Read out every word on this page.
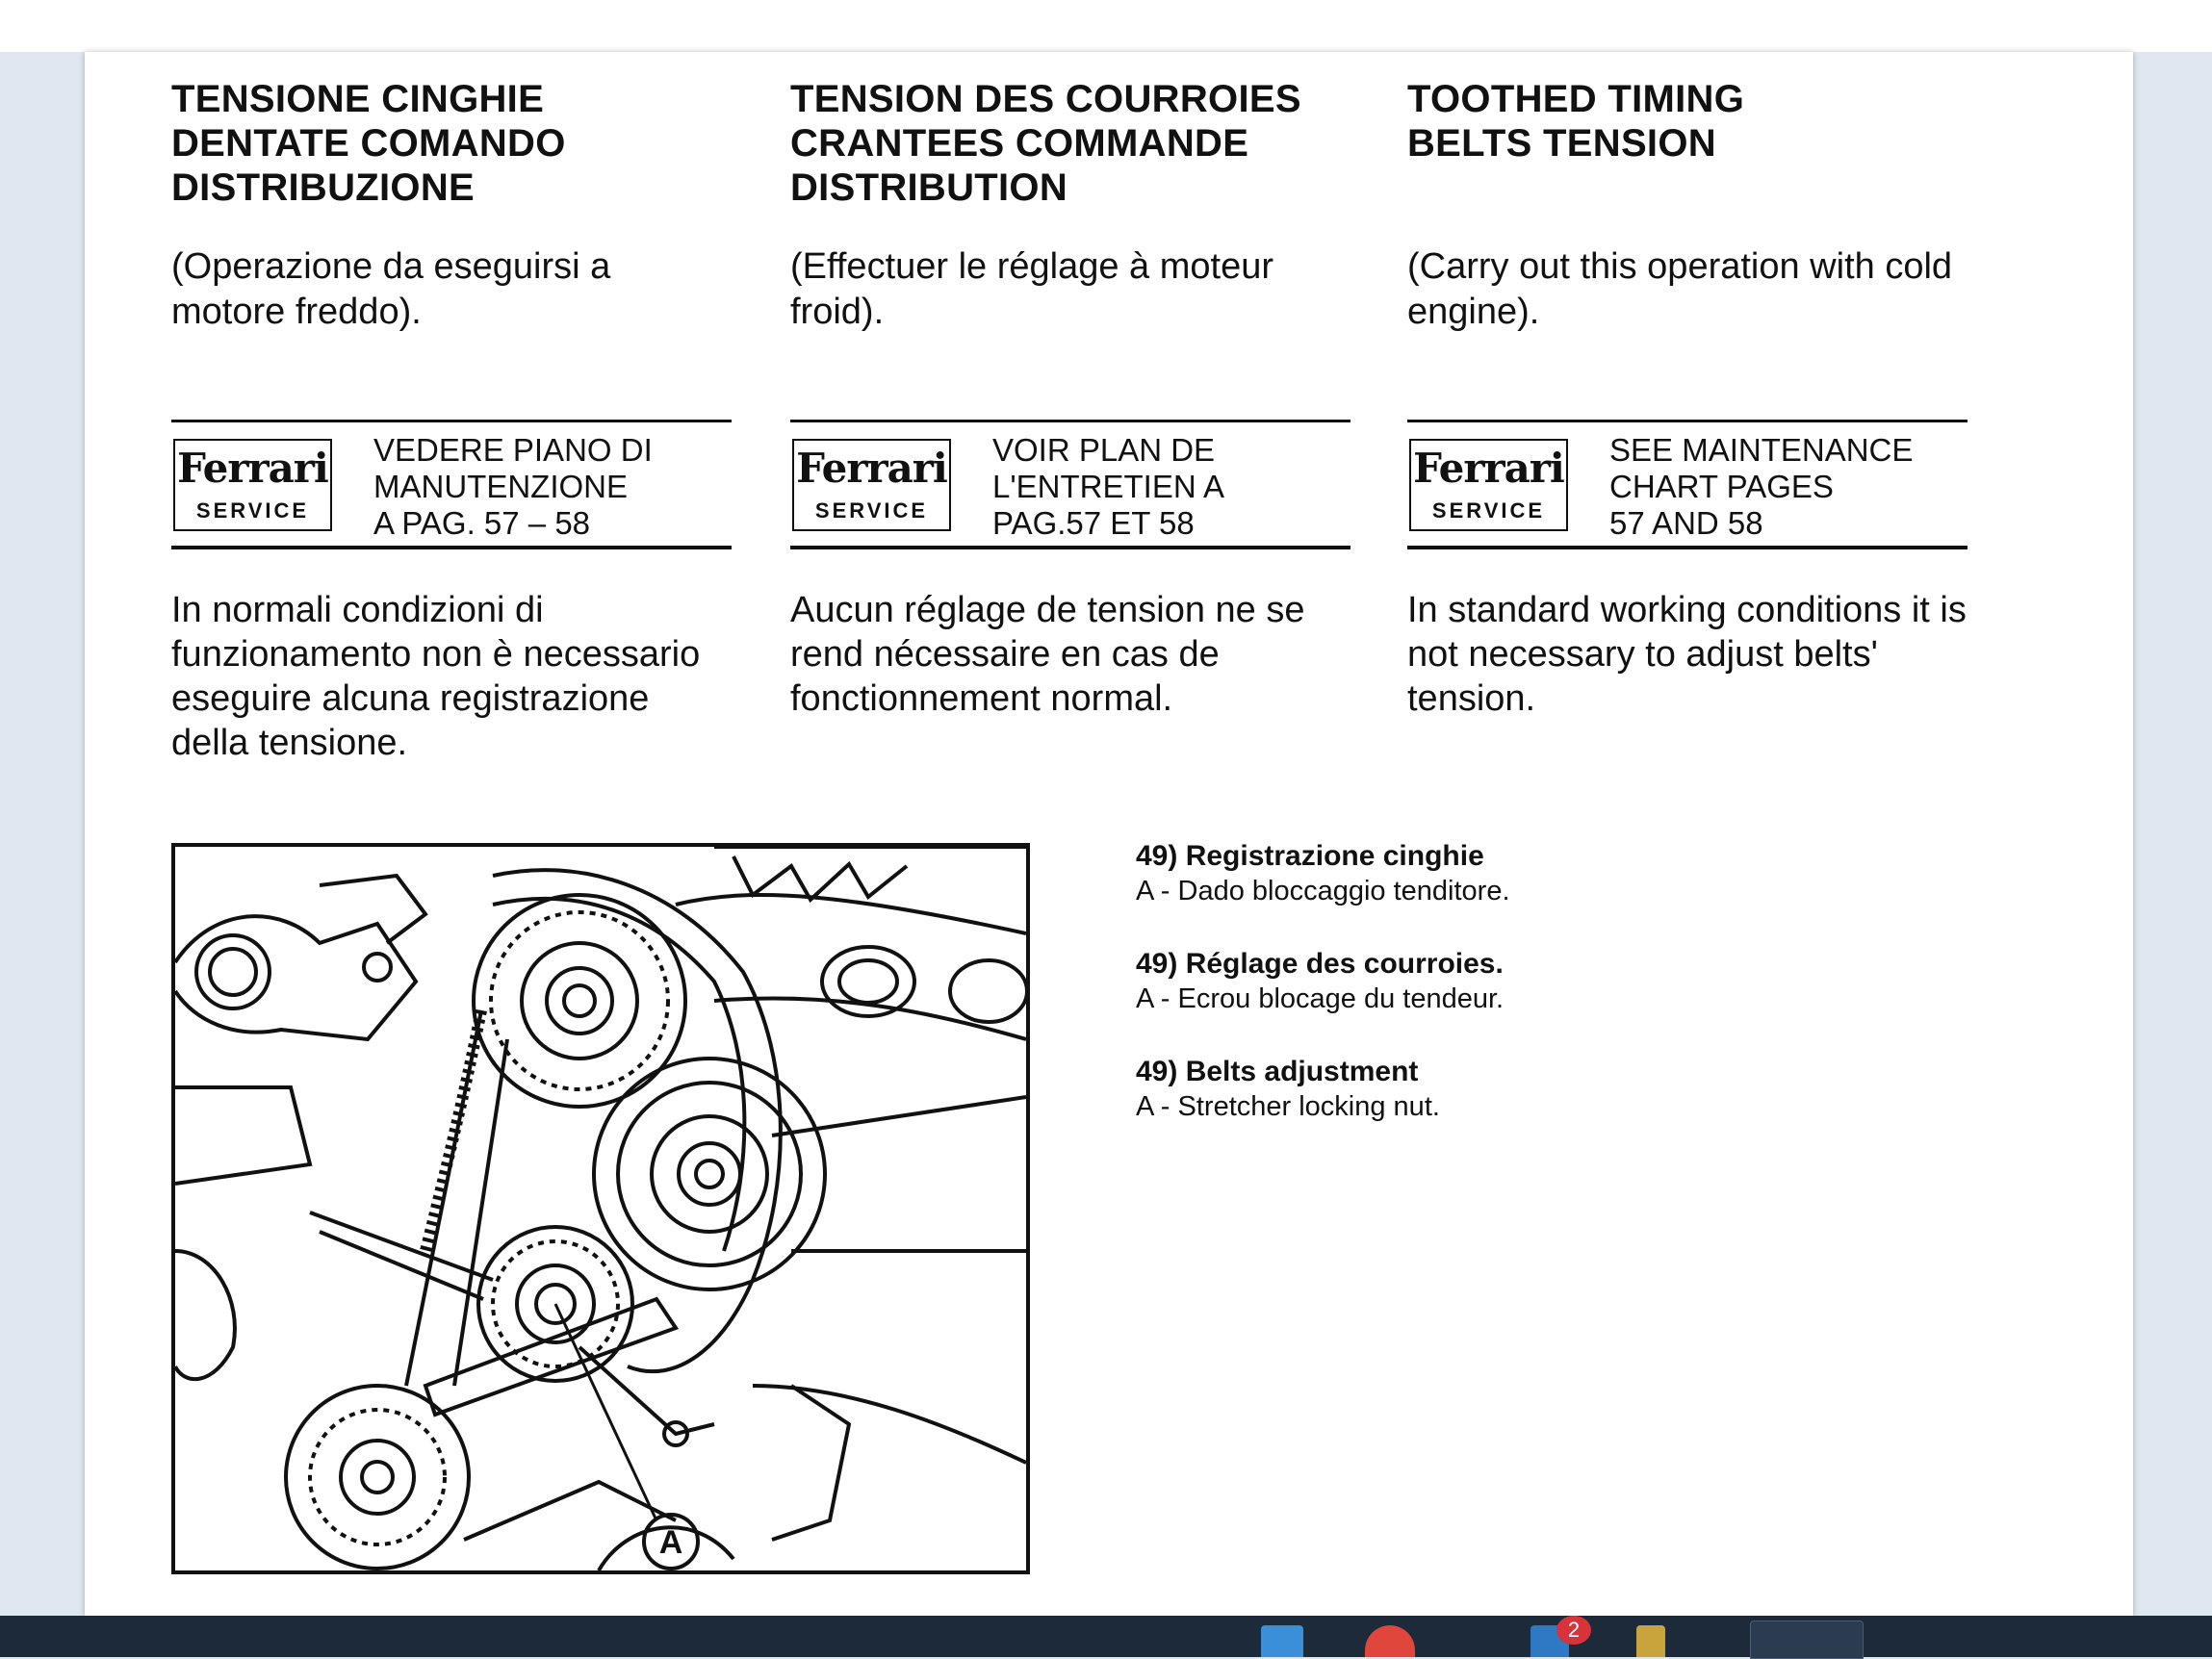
TENSIONE CINGHIE
DENTATE COMANDO
DISTRIBUZIONE

(Operazione da eseguirsi a motore freddo).

Ferrari
SERVICE
VEDERE PIANO DI
MANUTENZIONE
A PAG. 57 – 58

In normali condizioni di funzionamento non è necessario eseguire alcuna registrazione della tensione.

TENSION DES COURROIES
CRANTEES COMMANDE
DISTRIBUTION

(Effectuer le réglage à moteur froid).

Ferrari
SERVICE
VOIR PLAN DE
L'ENTRETIEN A
PAG.57 ET 58

Aucun réglage de tension ne se rend nécessaire en cas de fonctionnement normal.

TOOTHED TIMING
BELTS TENSION

(Carry out this operation with cold engine).

Ferrari
SERVICE
SEE MAINTENANCE
CHART PAGES
57 AND 58

In standard working conditions it is not necessary to adjust belts' tension.

A
49) Registrazione cinghie
A - Dado bloccaggio tenditore.
49) Réglage des courroies.
A - Ecrou blocage du tendeur.
49) Belts adjustment
A - Stretcher locking nut.
2
